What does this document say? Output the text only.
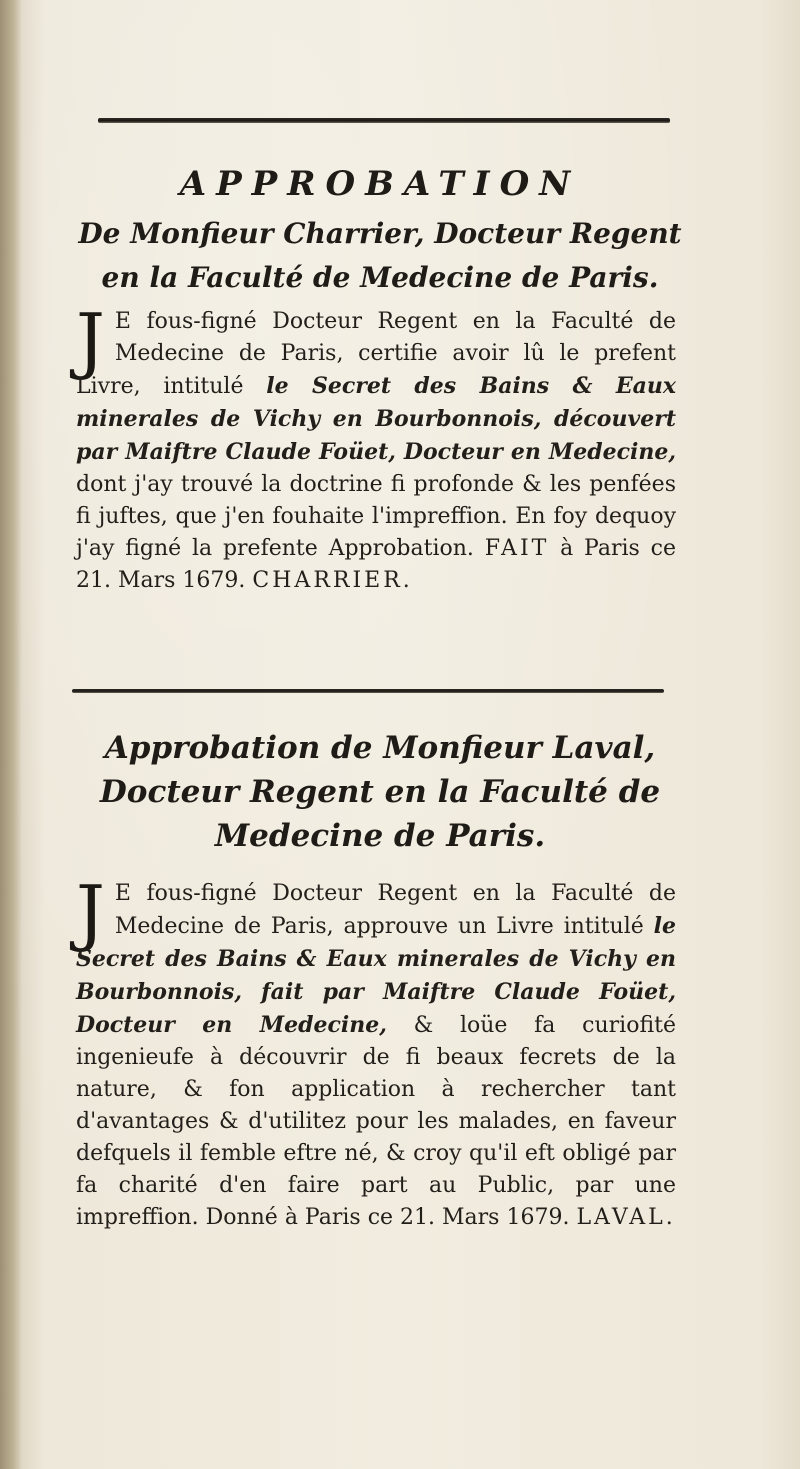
APPROBATION
De Monfieur Charrier, Docteur Regent en la Faculté de Medecine de Paris.
J E fous-figné Docteur Regent en la Faculté de Medecine de Paris, certifie avoir lû le prefent Livre, intitulé le Secret des Bains & Eaux minerales de Vichy en Bourbonnois, découvert par Maiftre Claude Foüet, Docteur en Medecine, dont j'ay trouvé la doctrine fi profonde & les penfées fi juftes, que j'en fouhaite l'impreffion. En foy dequoy j'ay figné la prefente Approbation. FAIT à Paris ce 21. Mars 1679. CHARRIER.
Approbation de Monfieur Laval, Docteur Regent en la Faculté de Medecine de Paris.
J E fous-figné Docteur Regent en la Faculté de Medecine de Paris, approuve un Livre intitulé le Secret des Bains & Eaux minerales de Vichy en Bourbonnois, fait par Maiftre Claude Foüet, Docteur en Medecine, & loüe fa curiofité ingenieufe à découvrir de fi beaux fecrets de la nature, & fon application à rechercher tant d'avantages & d'utilitez pour les malades, en faveur defquels il femble eftre né, & croy qu'il eft obligé par fa charité d'en faire part au Public, par une impreffion. Donné à Paris ce 21. Mars 1679. LAVAL.
